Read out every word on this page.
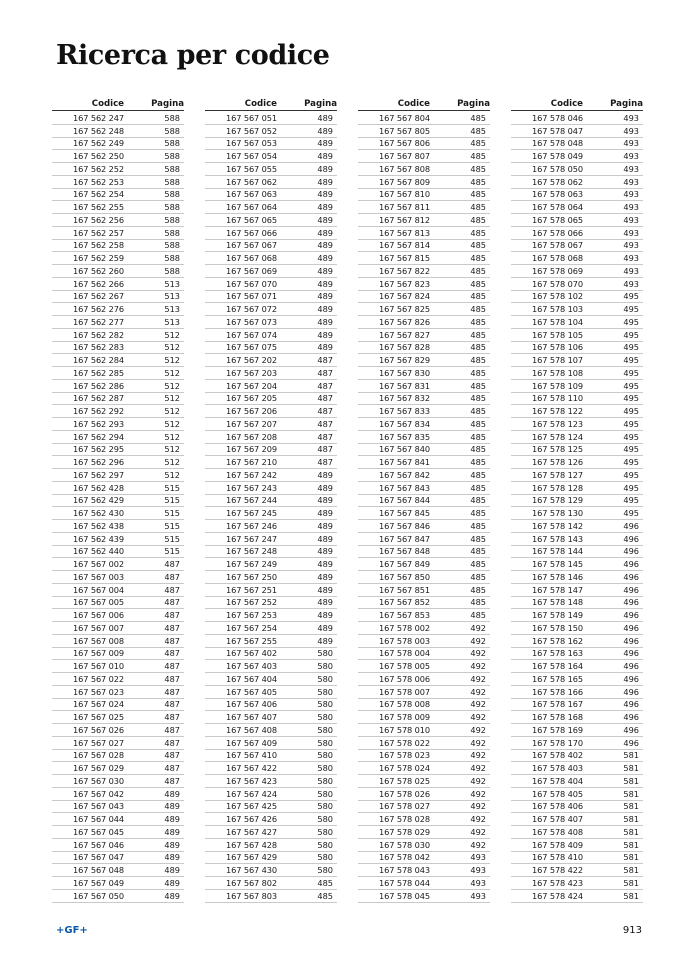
Ricerca per codice
Codice	Pagina
167 562 247	588
167 562 248	588
167 562 249	588
167 562 250	588
167 562 252	588
167 562 253	588
167 562 254	588
167 562 255	588
167 562 256	588
167 562 257	588
167 562 258	588
167 562 259	588
167 562 260	588
167 562 266	513
167 562 267	513
167 562 276	513
167 562 277	513
167 562 282	512
167 562 283	512
167 562 284	512
167 562 285	512
167 562 286	512
167 562 287	512
167 562 292	512
167 562 293	512
167 562 294	512
167 562 295	512
167 562 296	512
167 562 297	512
167 562 428	515
167 562 429	515
167 562 430	515
167 562 438	515
167 562 439	515
167 562 440	515
167 567 002	487
167 567 003	487
167 567 004	487
167 567 005	487
167 567 006	487
167 567 007	487
167 567 008	487
167 567 009	487
167 567 010	487
167 567 022	487
167 567 023	487
167 567 024	487
167 567 025	487
167 567 026	487
167 567 027	487
167 567 028	487
167 567 029	487
167 567 030	487
167 567 042	489
167 567 043	489
167 567 044	489
167 567 045	489
167 567 046	489
167 567 047	489
167 567 048	489
167 567 049	489
167 567 050	489
Codice	Pagina
167 567 051	489
167 567 052	489
167 567 053	489
167 567 054	489
167 567 055	489
167 567 062	489
167 567 063	489
167 567 064	489
167 567 065	489
167 567 066	489
167 567 067	489
167 567 068	489
167 567 069	489
167 567 070	489
167 567 071	489
167 567 072	489
167 567 073	489
167 567 074	489
167 567 075	489
167 567 202	487
167 567 203	487
167 567 204	487
167 567 205	487
167 567 206	487
167 567 207	487
167 567 208	487
167 567 209	487
167 567 210	487
167 567 242	489
167 567 243	489
167 567 244	489
167 567 245	489
167 567 246	489
167 567 247	489
167 567 248	489
167 567 249	489
167 567 250	489
167 567 251	489
167 567 252	489
167 567 253	489
167 567 254	489
167 567 255	489
167 567 402	580
167 567 403	580
167 567 404	580
167 567 405	580
167 567 406	580
167 567 407	580
167 567 408	580
167 567 409	580
167 567 410	580
167 567 422	580
167 567 423	580
167 567 424	580
167 567 425	580
167 567 426	580
167 567 427	580
167 567 428	580
167 567 429	580
167 567 430	580
167 567 802	485
167 567 803	485
Codice	Pagina
167 567 804	485
167 567 805	485
167 567 806	485
167 567 807	485
167 567 808	485
167 567 809	485
167 567 810	485
167 567 811	485
167 567 812	485
167 567 813	485
167 567 814	485
167 567 815	485
167 567 822	485
167 567 823	485
167 567 824	485
167 567 825	485
167 567 826	485
167 567 827	485
167 567 828	485
167 567 829	485
167 567 830	485
167 567 831	485
167 567 832	485
167 567 833	485
167 567 834	485
167 567 835	485
167 567 840	485
167 567 841	485
167 567 842	485
167 567 843	485
167 567 844	485
167 567 845	485
167 567 846	485
167 567 847	485
167 567 848	485
167 567 849	485
167 567 850	485
167 567 851	485
167 567 852	485
167 567 853	485
167 578 002	492
167 578 003	492
167 578 004	492
167 578 005	492
167 578 006	492
167 578 007	492
167 578 008	492
167 578 009	492
167 578 010	492
167 578 022	492
167 578 023	492
167 578 024	492
167 578 025	492
167 578 026	492
167 578 027	492
167 578 028	492
167 578 029	492
167 578 030	492
167 578 042	493
167 578 043	493
167 578 044	493
167 578 045	493
Codice	Pagina
167 578 046	493
167 578 047	493
167 578 048	493
167 578 049	493
167 578 050	493
167 578 062	493
167 578 063	493
167 578 064	493
167 578 065	493
167 578 066	493
167 578 067	493
167 578 068	493
167 578 069	493
167 578 070	493
167 578 102	495
167 578 103	495
167 578 104	495
167 578 105	495
167 578 106	495
167 578 107	495
167 578 108	495
167 578 109	495
167 578 110	495
167 578 122	495
167 578 123	495
167 578 124	495
167 578 125	495
167 578 126	495
167 578 127	495
167 578 128	495
167 578 129	495
167 578 130	495
167 578 142	496
167 578 143	496
167 578 144	496
167 578 145	496
167 578 146	496
167 578 147	496
167 578 148	496
167 578 149	496
167 578 150	496
167 578 162	496
167 578 163	496
167 578 164	496
167 578 165	496
167 578 166	496
167 578 167	496
167 578 168	496
167 578 169	496
167 578 170	496
167 578 402	581
167 578 403	581
167 578 404	581
167 578 405	581
167 578 406	581
167 578 407	581
167 578 408	581
167 578 409	581
167 578 410	581
167 578 422	581
167 578 423	581
167 578 424	581
+GF+	913
